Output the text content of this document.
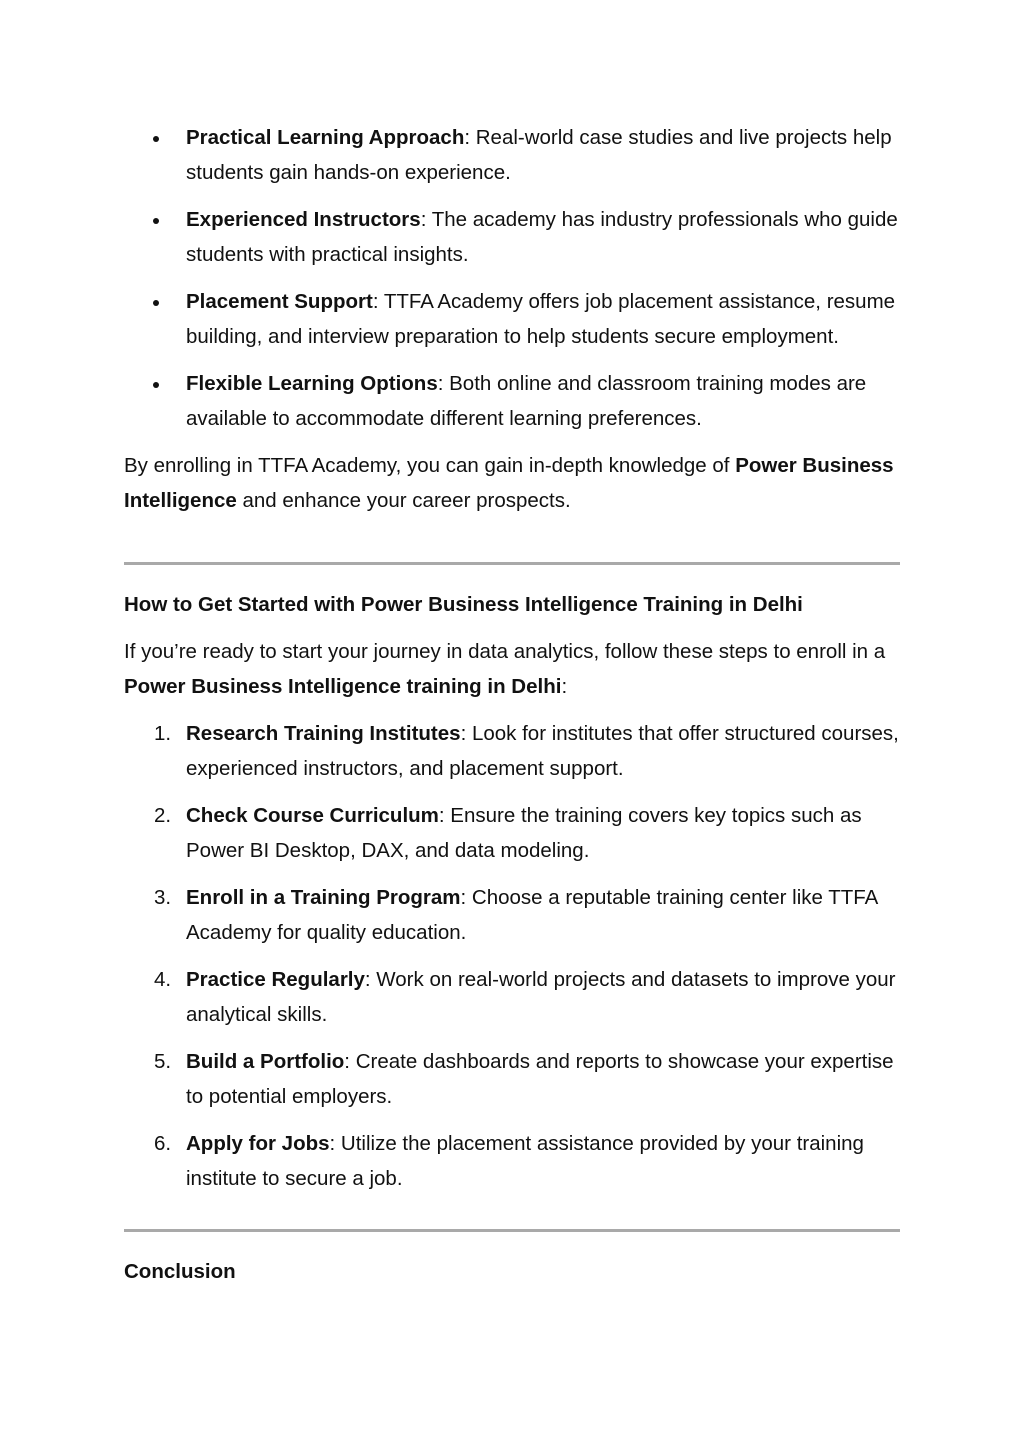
Practical Learning Approach: Real-world case studies and live projects help students gain hands-on experience.
Experienced Instructors: The academy has industry professionals who guide students with practical insights.
Placement Support: TTFA Academy offers job placement assistance, resume building, and interview preparation to help students secure employment.
Flexible Learning Options: Both online and classroom training modes are available to accommodate different learning preferences.

By enrolling in TTFA Academy, you can gain in-depth knowledge of Power Business Intelligence and enhance your career prospects.

How to Get Started with Power Business Intelligence Training in Delhi

If you’re ready to start your journey in data analytics, follow these steps to enroll in a Power Business Intelligence training in Delhi:

1. Research Training Institutes: Look for institutes that offer structured courses, experienced instructors, and placement support.
2. Check Course Curriculum: Ensure the training covers key topics such as Power BI Desktop, DAX, and data modeling.
3. Enroll in a Training Program: Choose a reputable training center like TTFA Academy for quality education.
4. Practice Regularly: Work on real-world projects and datasets to improve your analytical skills.
5. Build a Portfolio: Create dashboards and reports to showcase your expertise to potential employers.
6. Apply for Jobs: Utilize the placement assistance provided by your training institute to secure a job.

Conclusion
